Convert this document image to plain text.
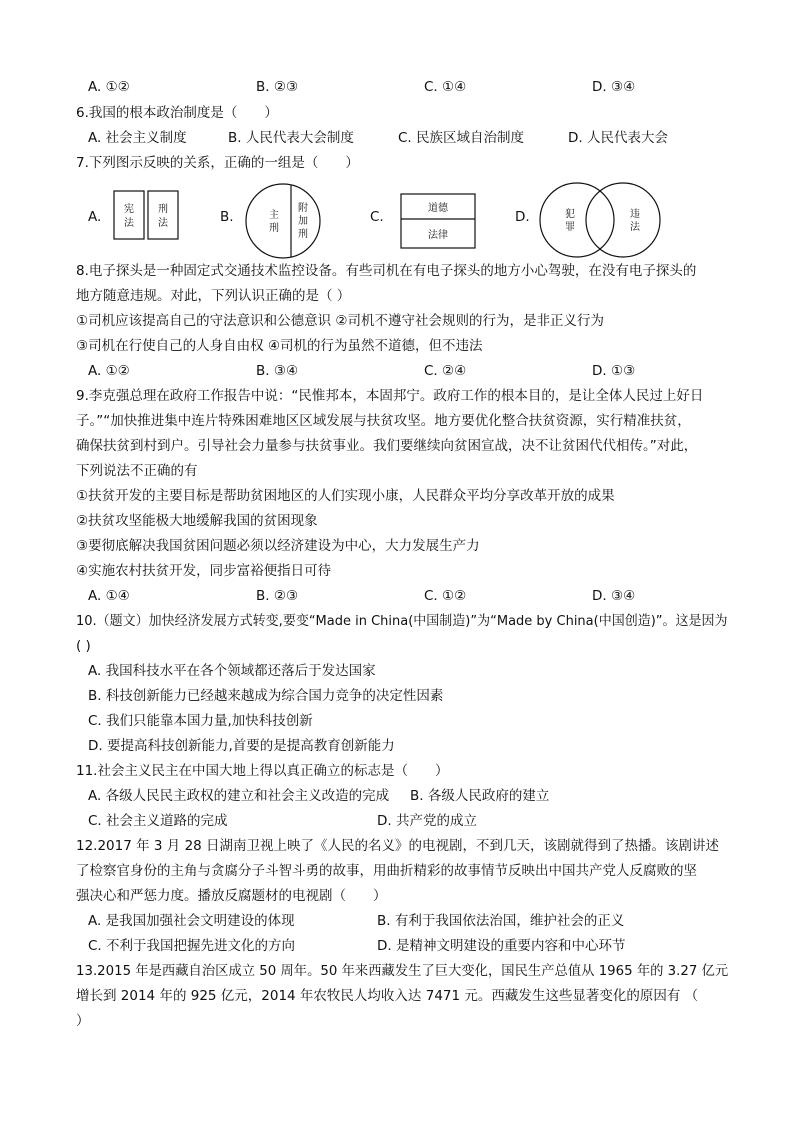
A. ①②	B. ②③	C. ①④	D. ③④
6.我国的根本政治制度是（　　）
A. 社会主义制度	B. 人民代表大会制度	C. 民族区域自治制度	D. 人民代表大会
7.下列图示反映的关系，正确的一组是（　　）
A.	B.	C.	D.
宪
法
刑
法
主
刑
附
加
刑
道德
法律
犯
罪
违
法
8.电子探头是一种固定式交通技术监控设备。有些司机在有电子探头的地方小心驾驶，在没有电子探头的
地方随意违规。对此，下列认识正确的是（ ）
①司机应该提高自己的守法意识和公德意识 ②司机不遵守社会规则的行为，是非正义行为
③司机在行使自己的人身自由权 ④司机的行为虽然不道德，但不违法
A. ①②	B. ③④	C. ②④	D. ①③
9.李克强总理在政府工作报告中说：“民惟邦本，本固邦宁。政府工作的根本目的，是让全体人民过上好日
子。”“加快推进集中连片特殊困难地区区域发展与扶贫攻坚。地方要优化整合扶贫资源，实行精准扶贫，
确保扶贫到村到户。引导社会力量参与扶贫事业。我们要继续向贫困宣战，决不让贫困代代相传。”对此，
下列说法不正确的有
①扶贫开发的主要目标是帮助贫困地区的人们实现小康，人民群众平均分享改革开放的成果
②扶贫攻坚能极大地缓解我国的贫困现象
③要彻底解决我国贫困问题必须以经济建设为中心，大力发展生产力
④实施农村扶贫开发，同步富裕便指日可待
A. ①④	B. ②③	C. ①②	D. ③④
10.（题文）加快经济发展方式转变,要变“Made in China(中国制造)”为“Made by China(中国创造)”。这是因为
( )
A. 我国科技水平在各个领域都还落后于发达国家
B. 科技创新能力已经越来越成为综合国力竞争的决定性因素
C. 我们只能靠本国力量,加快科技创新
D. 要提高科技创新能力,首要的是提高教育创新能力
11.社会主义民主在中国大地上得以真正确立的标志是（　　）
A. 各级人民民主政权的建立和社会主义改造的完成 B. 各级人民政府的建立
C. 社会主义道路的完成	D. 共产党的成立
12.2017 年 3 月 28 日湖南卫视上映了《人民的名义》的电视剧，不到几天，该剧就得到了热播。该剧讲述
了检察官身份的主角与贪腐分子斗智斗勇的故事，用曲折精彩的故事情节反映出中国共产党人反腐败的坚
强决心和严惩力度。播放反腐题材的电视剧（　　）
A. 是我国加强社会文明建设的体现	B. 有利于我国依法治国，维护社会的正义
C. 不利于我国把握先进文化的方向	D. 是精神文明建设的重要内容和中心环节
13.2015 年是西藏自治区成立 50 周年。50 年来西藏发生了巨大变化，国民生产总值从 1965 年的 3.27 亿元
增长到 2014 年的 925 亿元，2014 年农牧民人均收入达 7471 元。西藏发生这些显著变化的原因有 （
）
